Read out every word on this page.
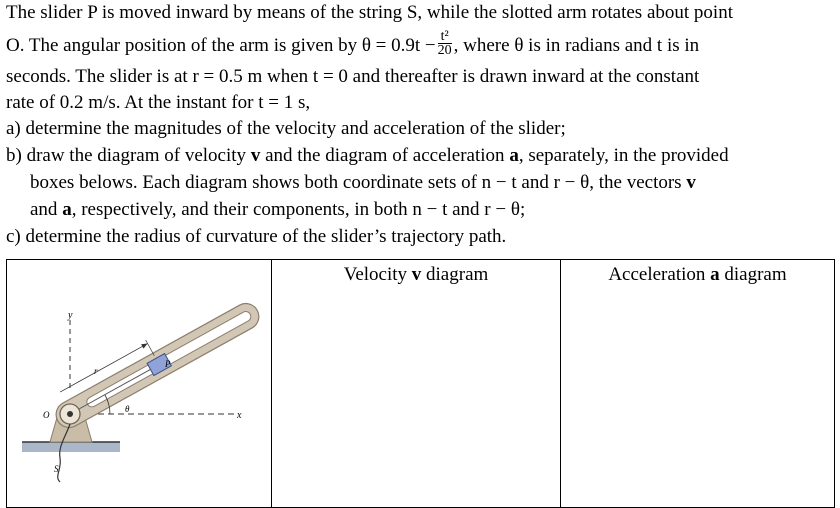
The slider P is moved inward by means of the string S, while the slotted arm rotates about point
O. The angular position of the arm is given by $\theta = 0.9t - \frac{\text{t²}}{20}$ , where θ is in radians and t is in
seconds. The slider is at r = 0.5 m when t = 0 and thereafter is drawn inward at the constant
rate of 0.2 m/s. At the instant for t = 1 s,
a) determine the magnitudes of the velocity and acceleration of the slider;
b) draw the diagram of velocity v and the diagram of acceleration a, separately, in the provided
boxes belows. Each diagram shows both coordinate sets of n − t and r − θ, the vectors v
and a, respectively, and their components, in both n − t and r − θ;
c) determine the radius of curvature of the slider’s trajectory path.
y
x
θ
r
P
O
S
	Velocity v diagram	Acceleration a diagram
